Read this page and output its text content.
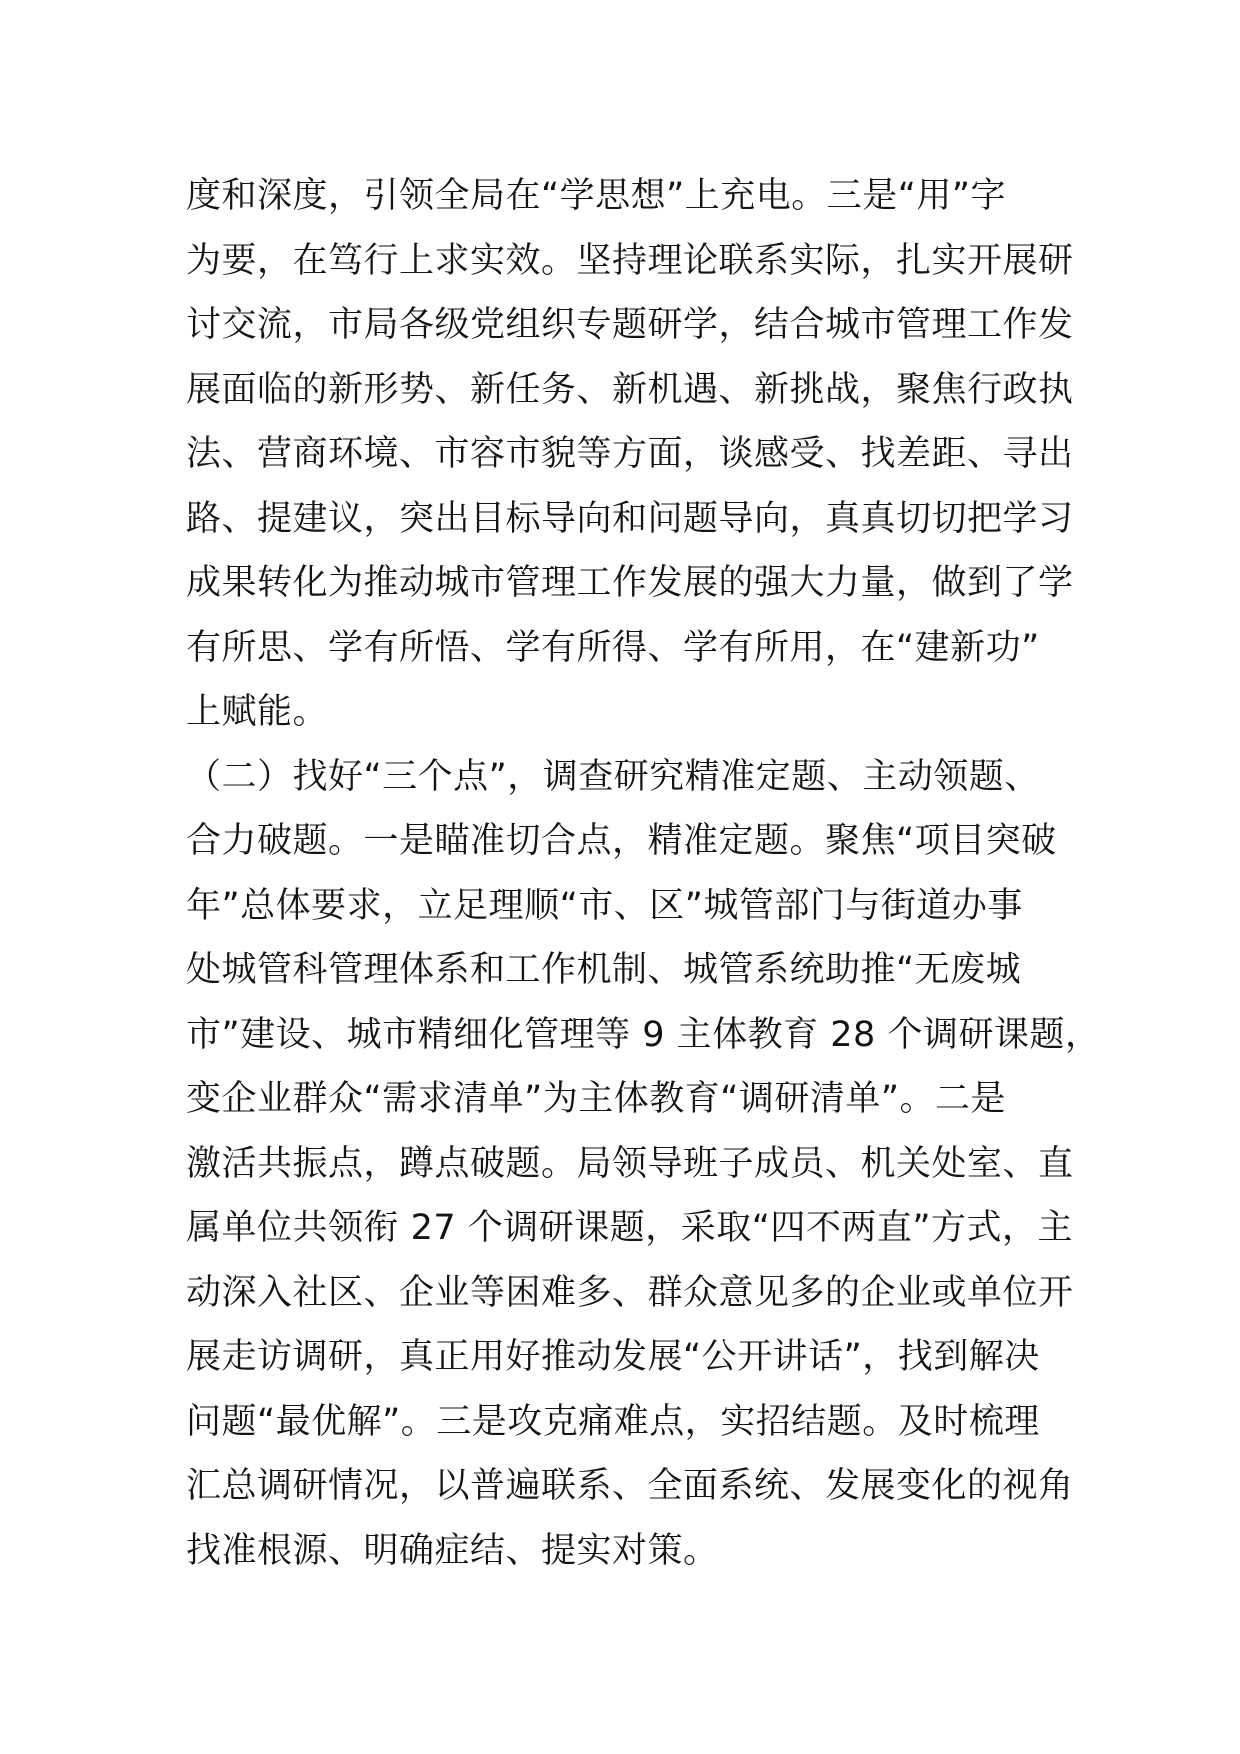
度和深度，引领全局在“学思想”上充电。三是“用”字
为要，在笃行上求实效。坚持理论联系实际，扎实开展研
讨交流，市局各级党组织专题研学，结合城市管理工作发
展面临的新形势、新任务、新机遇、新挑战，聚焦行政执
法、营商环境、市容市貌等方面，谈感受、找差距、寻出
路、提建议，突出目标导向和问题导向，真真切切把学习
成果转化为推动城市管理工作发展的强大力量，做到了学
有所思、学有所悟、学有所得、学有所用，在“建新功”
上赋能。
（二）找好“三个点”，调查研究精准定题、主动领题、
合力破题。一是瞄准切合点，精准定题。聚焦“项目突破
年”总体要求，立足理顺“市、区”城管部门与街道办事
处城管科管理体系和工作机制、城管系统助推“无废城
市”建设、城市精细化管理等 9 主体教育 28 个调研课题，
变企业群众“需求清单”为主体教育“调研清单”。二是
激活共振点，蹲点破题。局领导班子成员、机关处室、直
属单位共领衔 27 个调研课题，采取“四不两直”方式，主
动深入社区、企业等困难多、群众意见多的企业或单位开
展走访调研，真正用好推动发展“公开讲话”，找到解决
问题“最优解”。三是攻克痛难点，实招结题。及时梳理
汇总调研情况，以普遍联系、全面系统、发展变化的视角
找准根源、明确症结、提实对策。
